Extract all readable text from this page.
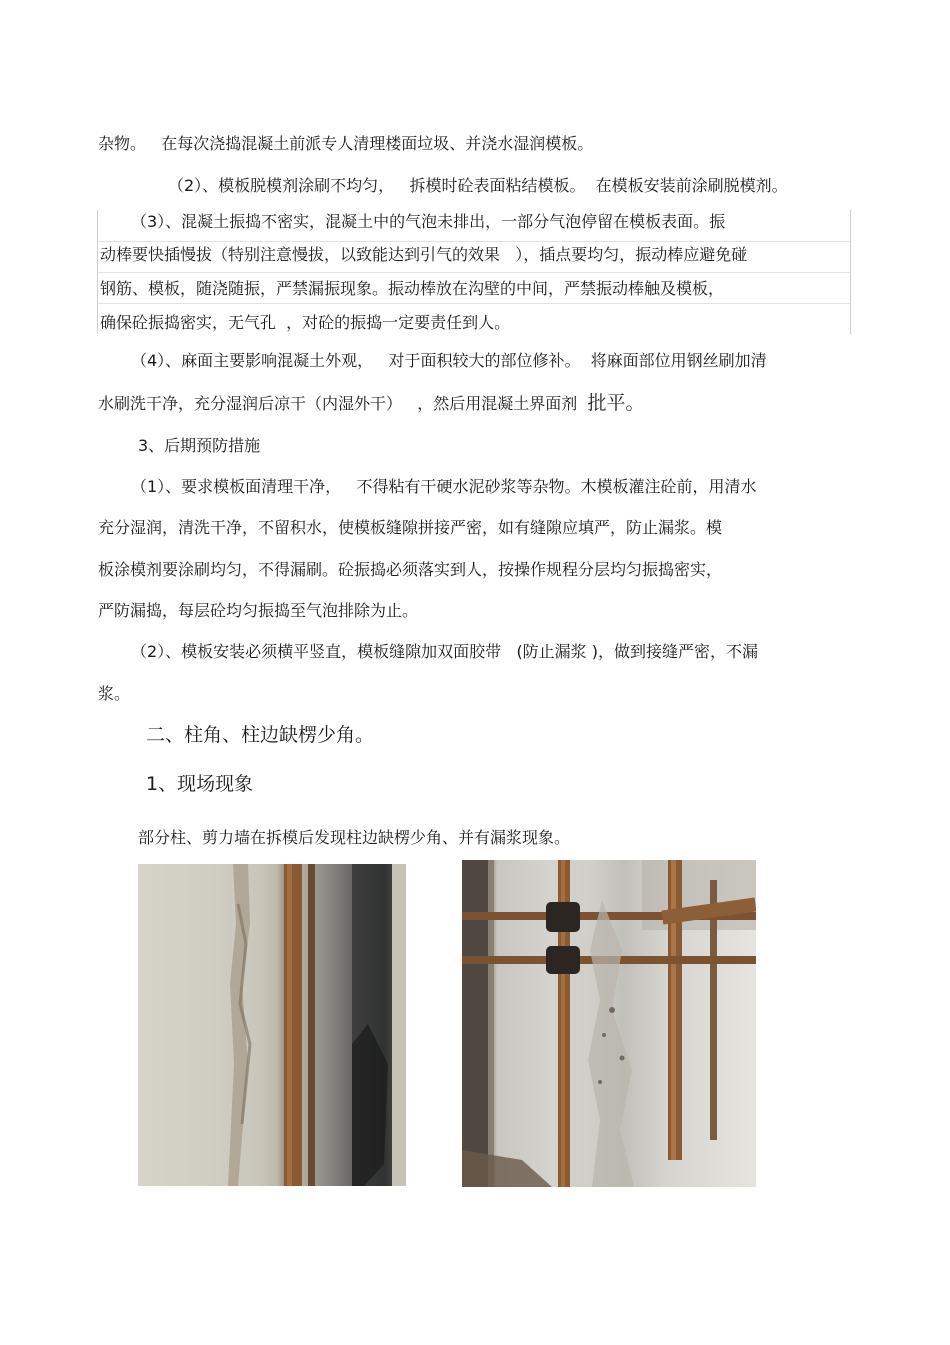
杂物。   在每次浇捣混凝土前派专人清理楼面垃圾、并浇水湿润模板。
（2）、模板脱模剂涂刷不均匀，   拆模时砼表面粘结模板。  在模板安装前涂刷脱模剂。
（3）、混凝土振捣不密实，混凝土中的气泡未排出，一部分气泡停留在模板表面。振
动棒要快插慢拔（特别注意慢拔，以致能达到引气的效果   ），插点要均匀，振动棒应避免碰
钢筋、模板，随浇随振，严禁漏振现象。振动棒放在沟壁的中间，严禁振动棒触及模板，
确保砼振捣密实，无气孔  ，对砼的振捣一定要责任到人。
（4）、麻面主要影响混凝土外观，   对于面积较大的部位修补。  将麻面部位用钢丝刷加清
水刷洗干净，充分湿润后凉干（内湿外干）   ，然后用混凝土界面剂  批平。
3、后期预防措施
（1）、要求模板面清理干净，   不得粘有干硬水泥砂浆等杂物。木模板灌注砼前，用清水
充分湿润，清洗干净，不留积水，使模板缝隙拼接严密，如有缝隙应填严，防止漏浆。模
板涂模剂要涂刷均匀，不得漏刷。砼振捣必须落实到人，按操作规程分层均匀振捣密实，
严防漏捣，每层砼均匀振捣至气泡排除为止。
（2）、模板安装必须横平竖直，模板缝隙加双面胶带   (防止漏浆 )，做到接缝严密，不漏
浆。
二、柱角、柱边缺楞少角。
1、现场现象
部分柱、剪力墙在拆模后发现柱边缺楞少角、并有漏浆现象。
